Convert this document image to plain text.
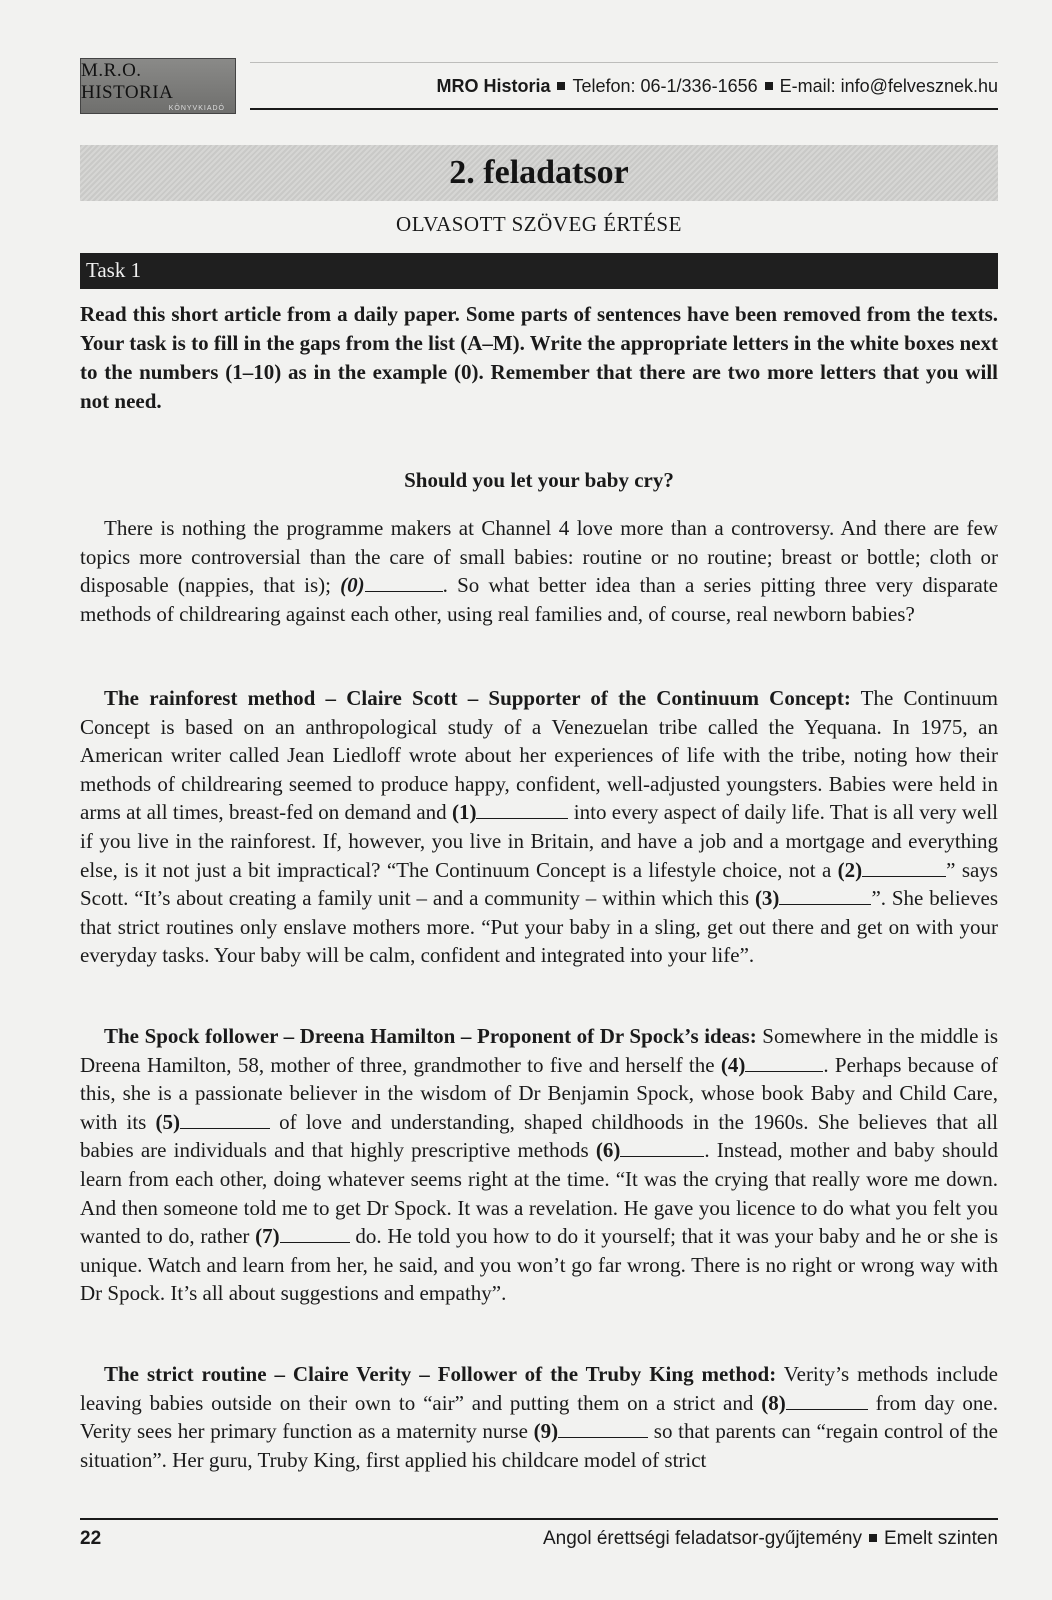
M.R.O. HISTORIA
KÖNYVKIADÓ
MRO Historia Telefon: 06-1/336-1656 E-mail: info@felvesznek.hu
2. feladatsor
OLVASOTT SZÖVEG ÉRTÉSE
Task 1
Read this short article from a daily paper. Some parts of sentences have been removed from the texts. Your task is to fill in the gaps from the list (A–M). Write the appropriate letters in the white boxes next to the numbers (1–10) as in the example (0). Remember that there are two more letters that you will not need.
Should you let your baby cry?
There is nothing the programme makers at Channel 4 love more than a controversy. And there are few topics more controversial than the care of small babies: routine or no routine; breast or bottle; cloth or disposable (nappies, that is); (0)	. So what better idea than a series pitting three very disparate methods of childrearing against each other, using real families and, of course, real newborn babies?
The rainforest method – Claire Scott – Supporter of the Continuum Concept: The Continuum Concept is based on an anthropological study of a Venezuelan tribe called the Yequana. In 1975, an American writer called Jean Liedloff wrote about her experiences of life with the tribe, noting how their methods of childrearing seemed to produce happy, confident, well-adjusted youngsters. Babies were held in arms at all times, breast-fed on demand and (1)	into every aspect of daily life. That is all very well if you live in the rainforest. If, however, you live in Britain, and have a job and a mortgage and everything else, is it not just a bit impractical? “The Continuum Concept is a lifestyle choice, not a (2)	” says Scott. “It’s about creating a family unit – and a community – within which this (3)	”. She believes that strict routines only enslave mothers more. “Put your baby in a sling, get out there and get on with your everyday tasks. Your baby will be calm, confident and integrated into your life”.
The Spock follower – Dreena Hamilton – Proponent of Dr Spock’s ideas: Somewhere in the middle is Dreena Hamilton, 58, mother of three, grandmother to five and herself the (4)	. Perhaps because of this, she is a passionate believer in the wisdom of Dr Benjamin Spock, whose book Baby and Child Care, with its (5)	of love and understanding, shaped childhoods in the 1960s. She believes that all babies are individuals and that highly prescriptive methods (6)	. Instead, mother and baby should learn from each other, doing whatever seems right at the time. “It was the crying that really wore me down. And then someone told me to get Dr Spock. It was a revelation. He gave you licence to do what you felt you wanted to do, rather (7)	do. He told you how to do it yourself; that it was your baby and he or she is unique. Watch and learn from her, he said, and you won’t go far wrong. There is no right or wrong way with Dr Spock. It’s all about suggestions and empathy”.
The strict routine – Claire Verity – Follower of the Truby King method: Verity’s methods include leaving babies outside on their own to “air” and putting them on a strict and (8)	from day one. Verity sees her primary function as a maternity nurse (9)	so that parents can “regain control of the situation”. Her guru, Truby King, first applied his childcare model of strict
22	Angol érettségi feladatsor-gyűjtemény Emelt szinten
